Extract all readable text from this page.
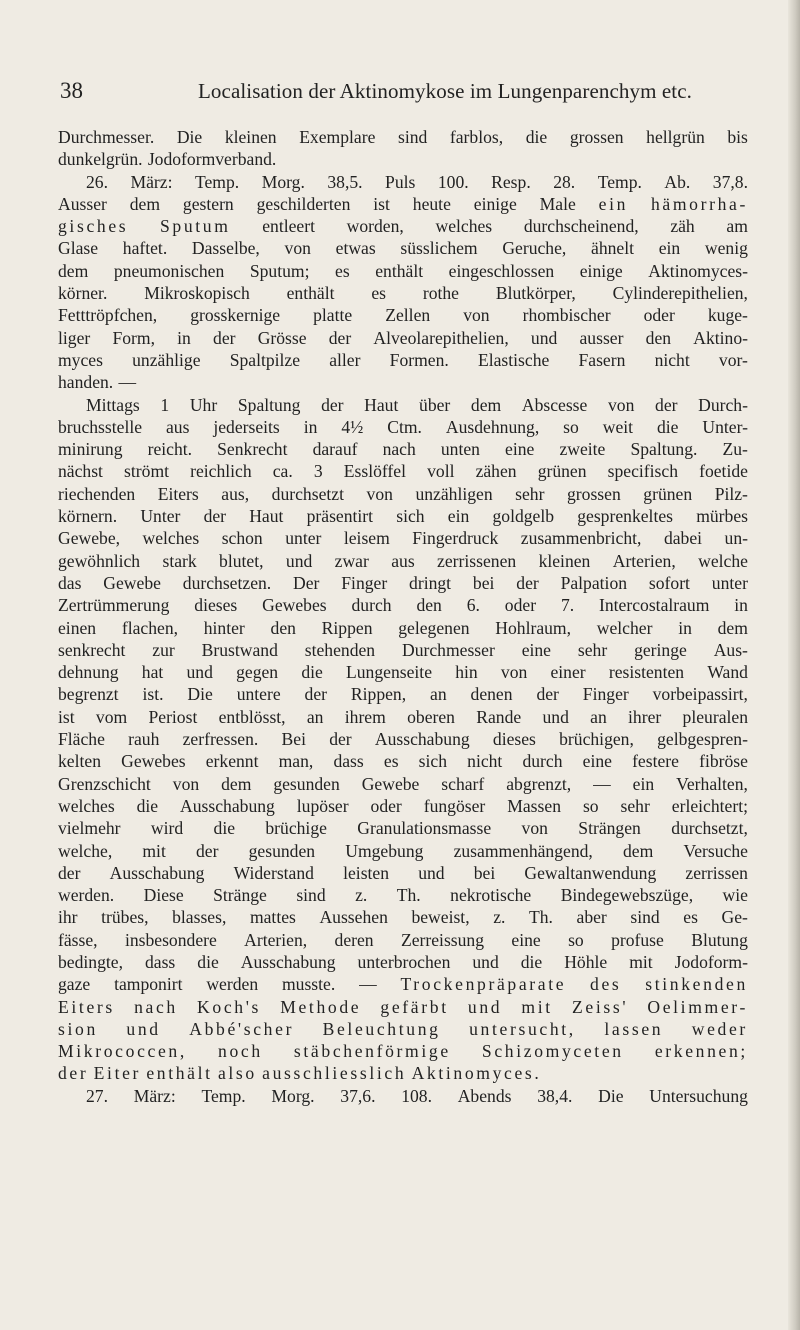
38	Localisation der Aktinomykose im Lungenparenchym etc.
Durchmesser. Die kleinen Exemplare sind farblos, die grossen hellgrün bis
dunkelgrün. Jodoformverband.
26. März: Temp. Morg. 38,5. Puls 100. Resp. 28. Temp. Ab. 37,8.
Ausser dem gestern geschilderten ist heute einige Male ein hämorrha-
gisches Sputum entleert worden, welches durchscheinend, zäh am
Glase haftet. Dasselbe, von etwas süsslichem Geruche, ähnelt ein wenig
dem pneumonischen Sputum; es enthält eingeschlossen einige Aktinomyces-
körner. Mikroskopisch enthält es rothe Blutkörper, Cylinderepithelien,
Fetttröpfchen, grosskernige platte Zellen von rhombischer oder kuge-
liger Form, in der Grösse der Alveolarepithelien, und ausser den Aktino-
myces unzählige Spaltpilze aller Formen. Elastische Fasern nicht vor-
handen. —
Mittags 1 Uhr Spaltung der Haut über dem Abscesse von der Durch-
bruchsstelle aus jederseits in 4½ Ctm. Ausdehnung, so weit die Unter-
minirung reicht. Senkrecht darauf nach unten eine zweite Spaltung. Zu-
nächst strömt reichlich ca. 3 Esslöffel voll zähen grünen specifisch foetide
riechenden Eiters aus, durchsetzt von unzähligen sehr grossen grünen Pilz-
körnern. Unter der Haut präsentirt sich ein goldgelb gesprenkeltes mürbes
Gewebe, welches schon unter leisem Fingerdruck zusammenbricht, dabei un-
gewöhnlich stark blutet, und zwar aus zerrissenen kleinen Arterien, welche
das Gewebe durchsetzen. Der Finger dringt bei der Palpation sofort unter
Zertrümmerung dieses Gewebes durch den 6. oder 7. Intercostalraum in
einen flachen, hinter den Rippen gelegenen Hohlraum, welcher in dem
senkrecht zur Brustwand stehenden Durchmesser eine sehr geringe Aus-
dehnung hat und gegen die Lungenseite hin von einer resistenten Wand
begrenzt ist. Die untere der Rippen, an denen der Finger vorbeipassirt,
ist vom Periost entblösst, an ihrem oberen Rande und an ihrer pleuralen
Fläche rauh zerfressen. Bei der Ausschabung dieses brüchigen, gelbgespren-
kelten Gewebes erkennt man, dass es sich nicht durch eine festere fibröse
Grenzschicht von dem gesunden Gewebe scharf abgrenzt, — ein Verhalten,
welches die Ausschabung lupöser oder fungöser Massen so sehr erleichtert;
vielmehr wird die brüchige Granulationsmasse von Strängen durchsetzt,
welche, mit der gesunden Umgebung zusammenhängend, dem Versuche
der Ausschabung Widerstand leisten und bei Gewaltanwendung zerrissen
werden. Diese Stränge sind z. Th. nekrotische Bindegewebszüge, wie
ihr trübes, blasses, mattes Aussehen beweist, z. Th. aber sind es Ge-
fässe, insbesondere Arterien, deren Zerreissung eine so profuse Blutung
bedingte, dass die Ausschabung unterbrochen und die Höhle mit Jodoform-
gaze tamponirt werden musste. — Trockenpräparate des stinkenden
Eiters nach Koch's Methode gefärbt und mit Zeiss' Oelimmer-
sion und Abbé'scher Beleuchtung untersucht, lassen weder
Mikrococcen, noch stäbchenförmige Schizomyceten erkennen;
der Eiter enthält also ausschliesslich Aktinomyces.
27. März: Temp. Morg. 37,6. 108. Abends 38,4. Die Untersuchung
